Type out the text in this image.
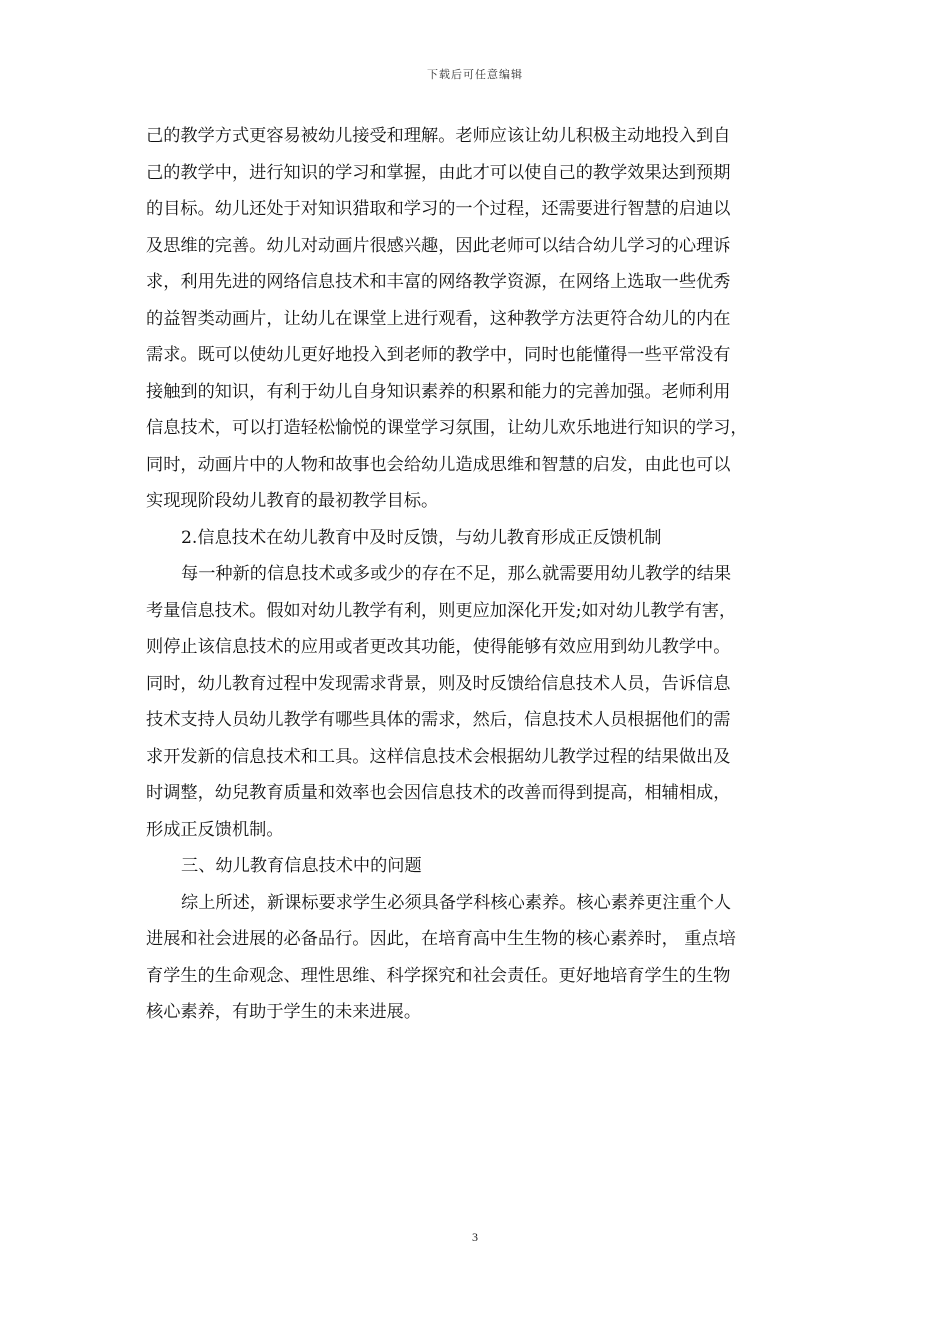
下载后可任意编辑
己的教学方式更容易被幼儿接受和理解。老师应该让幼儿积极主动地投入到自
己的教学中，进行知识的学习和掌握，由此才可以使自己的教学效果达到预期
的目标。幼儿还处于对知识猎取和学习的一个过程，还需要进行智慧的启迪以
及思维的完善。幼儿对动画片很感兴趣，因此老师可以结合幼儿学习的心理诉
求，利用先进的网络信息技术和丰富的网络教学资源，在网络上选取一些优秀
的益智类动画片，让幼儿在课堂上进行观看，这种教学方法更符合幼儿的内在
需求。既可以使幼儿更好地投入到老师的教学中，同时也能懂得一些平常没有
接触到的知识，有利于幼儿自身知识素养的积累和能力的完善加强。老师利用
信息技术，可以打造轻松愉悦的课堂学习氛围，让幼儿欢乐地进行知识的学习，
同时，动画片中的人物和故事也会给幼儿造成思维和智慧的启发，由此也可以
实现现阶段幼儿教育的最初教学目标。
2.信息技术在幼儿教育中及时反馈，与幼儿教育形成正反馈机制
每一种新的信息技术或多或少的存在不足，那么就需要用幼儿教学的结果
考量信息技术。假如对幼儿教学有利，则更应加深化开发;如对幼儿教学有害，
则停止该信息技术的应用或者更改其功能，使得能够有效应用到幼儿教学中。
同时，幼儿教育过程中发现需求背景，则及时反馈给信息技术人员，告诉信息
技术支持人员幼儿教学有哪些具体的需求，然后，信息技术人员根据他们的需
求开发新的信息技术和工具。这样信息技术会根据幼儿教学过程的结果做出及
时调整，幼兒教育质量和效率也会因信息技术的改善而得到提高，相辅相成，
形成正反馈机制。
三、幼儿教育信息技术中的问题
综上所述，新课标要求学生必须具备学科核心素养。核心素养更注重个人
进展和社会进展的必备品行。因此，在培育高中生生物的核心素养时， 重点培
育学生的生命观念、理性思维、科学探究和社会责任。更好地培育学生的生物
核心素养，有助于学生的未来进展。
3
